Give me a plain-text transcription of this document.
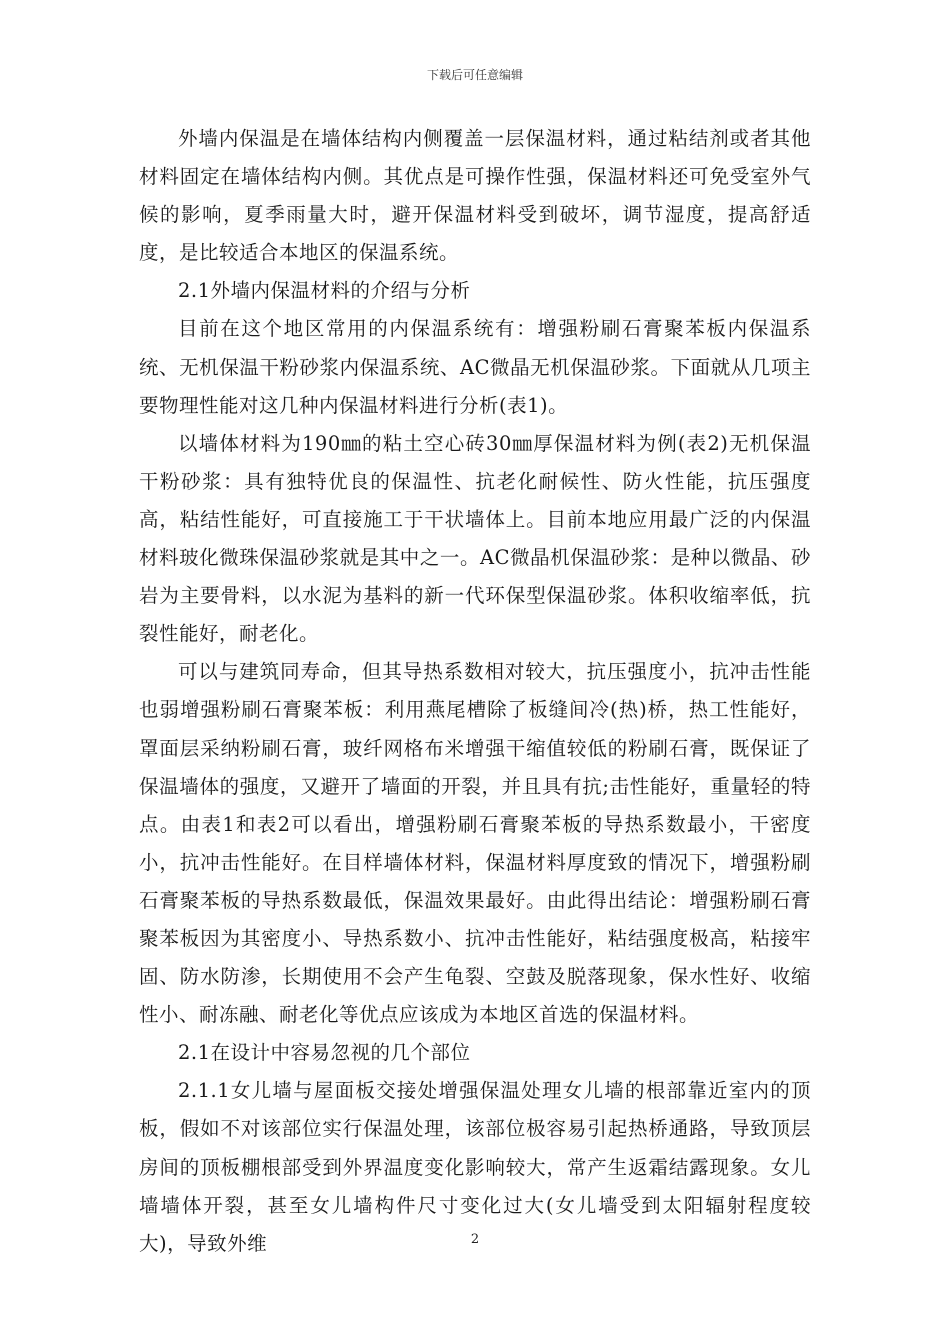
下载后可任意编辑

外墙内保温是在墙体结构内侧覆盖一层保温材料，通过粘结剂或者其他材料固定在墙体结构内侧。其优点是可操作性强，保温材料还可免受室外气候的影响，夏季雨量大时，避开保温材料受到破坏，调节湿度，提高舒适度，是比较适合本地区的保温系统。

2.1外墙内保温材料的介绍与分析

目前在这个地区常用的内保温系统有：增强粉刷石膏聚苯板内保温系统、无机保温干粉砂浆内保温系统、AC微晶无机保温砂浆。下面就从几项主要物理性能对这几种内保温材料进行分析(表1)。

以墙体材料为190㎜的粘土空心砖30㎜厚保温材料为例(表2)无机保温干粉砂浆：具有独特优良的保温性、抗老化耐候性、防火性能，抗压强度高，粘结性能好，可直接施工于干状墙体上。目前本地应用最广泛的内保温材料玻化微珠保温砂浆就是其中之一。AC微晶机保温砂浆：是种以微晶、砂岩为主要骨料，以水泥为基料的新一代环保型保温砂浆。体积收缩率低，抗裂性能好，耐老化。

可以与建筑同寿命，但其导热系数相对较大，抗压强度小，抗冲击性能也弱增强粉刷石膏聚苯板：利用燕尾槽除了板缝间冷(热)桥，热工性能好，罩面层采纳粉刷石膏，玻纤网格布米增强干缩值较低的粉刷石膏，既保证了保温墙体的强度，又避开了墙面的开裂，并且具有抗;击性能好，重量轻的特点。由表1和表2可以看出，增强粉刷石膏聚苯板的导热系数最小，干密度小，抗冲击性能好。在目样墙体材料，保温材料厚度致的情况下，增强粉刷石膏聚苯板的导热系数最低，保温效果最好。由此得出结论：增强粉刷石膏聚苯板因为其密度小、导热系数小、抗冲击性能好，粘结强度极高，粘接牢固、防水防渗，长期使用不会产生龟裂、空鼓及脱落现象，保水性好、收缩性小、耐冻融、耐老化等优点应该成为本地区首选的保温材料。

2.1在设计中容易忽视的几个部位

2.1.1女儿墙与屋面板交接处增强保温处理女儿墙的根部靠近室内的顶板，假如不对该部位实行保温处理，该部位极容易引起热桥通路，导致顶层房间的顶板棚根部受到外界温度变化影响较大，常产生返霜结露现象。女儿墙墙体开裂，甚至女儿墙构件尺寸变化过大(女儿墙受到太阳辐射程度较大)，导致外维	2
